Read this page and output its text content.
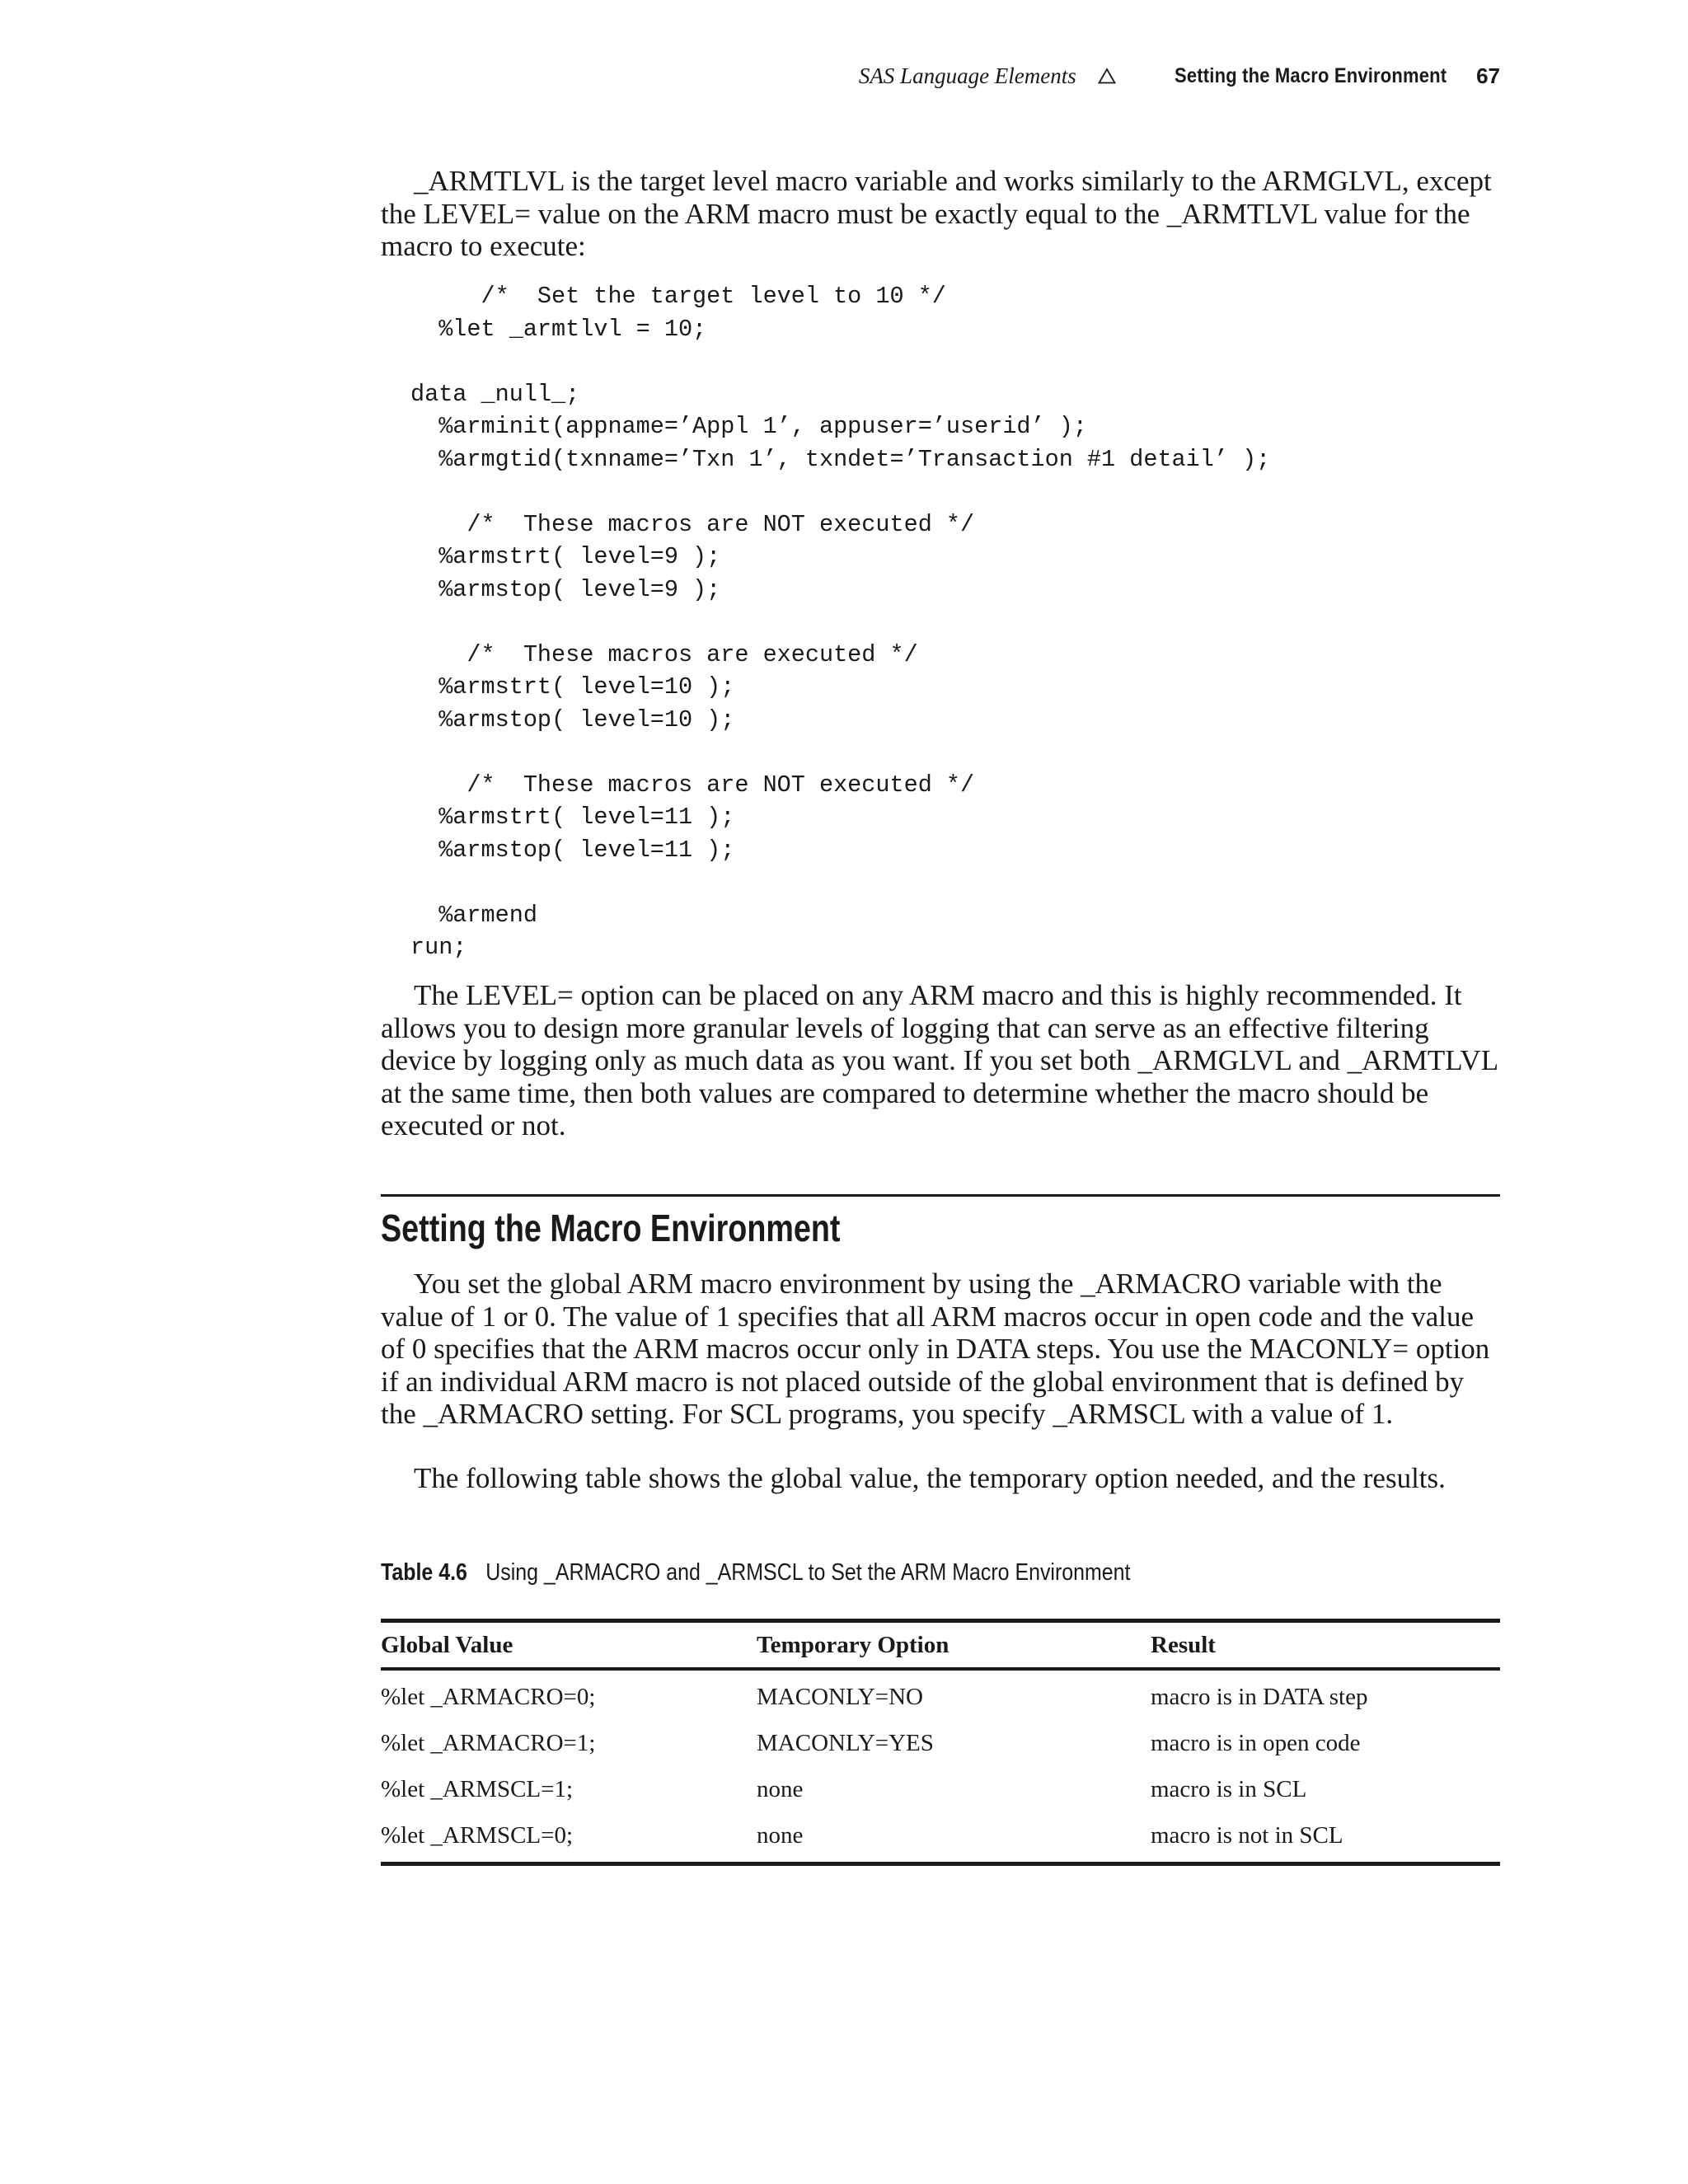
SAS Language Elements	Setting the Macro Environment 67

_ARMTLVL is the target level macro variable and works similarly to the ARMGLVL, except the LEVEL= value on the ARM macro must be exactly equal to the _ARMTLVL value for the macro to execute:

/*  Set the target level to 10 */
%let _armtlvl = 10;

data _null_;
%arminit(appname=’Appl 1’, appuser=’userid’ );
%armgtid(txnname=’Txn 1’, txndet=’Transaction #1 detail’ );

/*  These macros are NOT executed */
%armstrt( level=9 );
%armstop( level=9 );

/*  These macros are executed */
%armstrt( level=10 );
%armstop( level=10 );

/*  These macros are NOT executed */
%armstrt( level=11 );
%armstop( level=11 );

%armend
run;

The LEVEL= option can be placed on any ARM macro and this is highly recommended. It allows you to design more granular levels of logging that can serve as an effective filtering device by logging only as much data as you want. If you set both _ARMGLVL and _ARMTLVL at the same time, then both values are compared to determine whether the macro should be executed or not.

Setting the Macro Environment

You set the global ARM macro environment by using the _ARMACRO variable with the value of 1 or 0. The value of 1 specifies that all ARM macros occur in open code and the value of 0 specifies that the ARM macros occur only in DATA steps. You use the MACONLY= option if an individual ARM macro is not placed outside of the global environment that is defined by the _ARMACRO setting. For SCL programs, you specify _ARMSCL with a value of 1.

The following table shows the global value, the temporary option needed, and the results.

Table 4.6 Using _ARMACRO and _ARMSCL to Set the ARM Macro Environment
Global Value	Temporary Option	Result
%let _ARMACRO=0;	MACONLY=NO	macro is in DATA step
%let _ARMACRO=1;	MACONLY=YES	macro is in open code
%let _ARMSCL=1;	none	macro is in SCL
%let _ARMSCL=0;	none	macro is not in SCL
